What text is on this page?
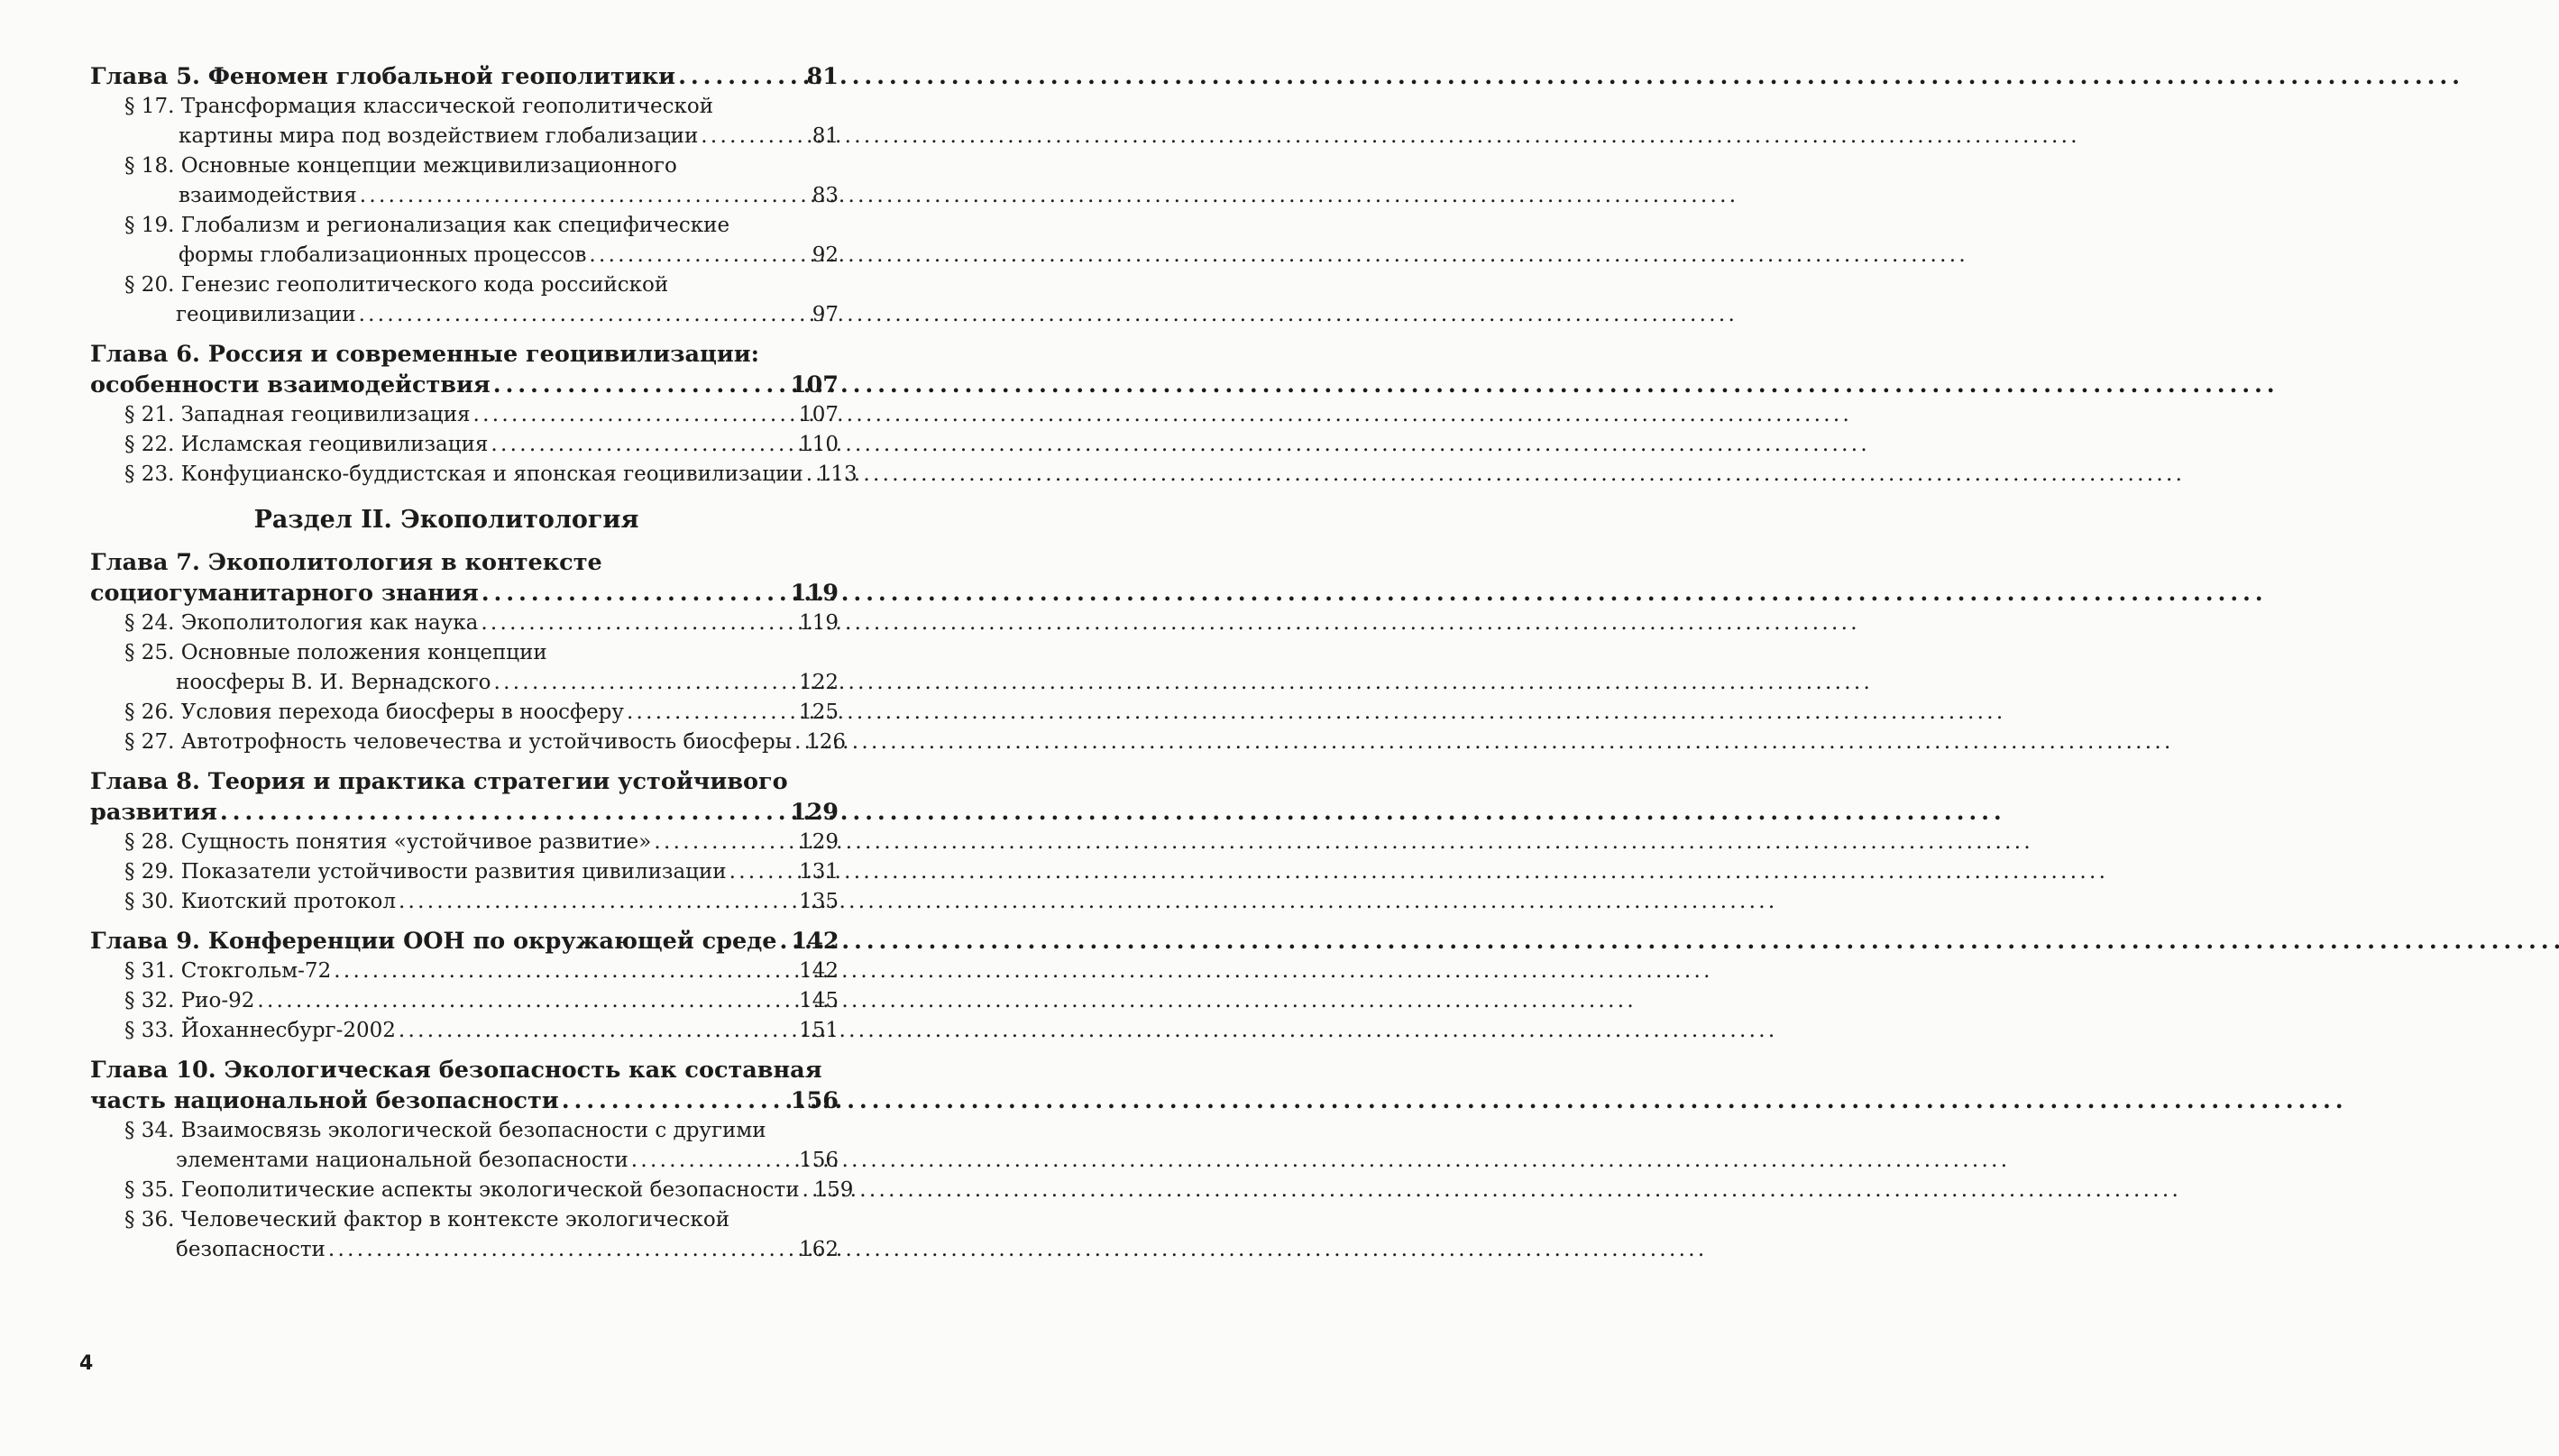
Глава 5. Феномен глобальной геополитики . . .	81
§ 17. Трансформация классической геополитической
картины мира под воздействием глобализации . . .	81
§ 18. Основные концепции межцивилизационного
взаимодействия . . .	83
§ 19. Глобализм и регионализация как специфические
формы глобализационных процессов . . .	92
§ 20. Генезис геополитического кода российской
геоцивилизации . . .	97
Глава 6. Россия и современные геоцивилизации:
особенности взаимодействия . . .	107
§ 21. Западная геоцивилизация . . .	107
§ 22. Исламская геоцивилизация . . .	110
§ 23. Конфуцианско-буддистская и японская геоцивилизации . . . 113
Раздел II. Экополитология
Глава 7. Экополитология в контексте
социогуманитарного знания . . .	119
§ 24. Экополитология как наука . . .	119
§ 25. Основные положения концепции
ноосферы В. И. Вернадского . . .	122
§ 26. Условия перехода биосферы в ноосферу . . .	125
§ 27. Автотрофность человечества и устойчивость биосферы . . . 126
Глава 8. Теория и практика стратегии устойчивого
развития . . .	129
§ 28. Сущность понятия «устойчивое развитие» . . .	129
§ 29. Показатели устойчивости развития цивилизации . . .	131
§ 30. Киотский протокол . . .	135
Глава 9. Конференции ООН по окружающей среде . . . 142
§ 31. Стокгольм-72 . . .	142
§ 32. Рио-92 . . .	145
§ 33. Йоханнесбург-2002 . . .	151
Глава 10. Экологическая безопасность как составная
часть национальной безопасности . . .	156
§ 34. Взаимосвязь экологической безопасности с другими
элементами национальной безопасности . . .	156
§ 35. Геополитические аспекты экологической безопасности . . . 159
§ 36. Человеческий фактор в контексте экологической
безопасности . . .	162
4
